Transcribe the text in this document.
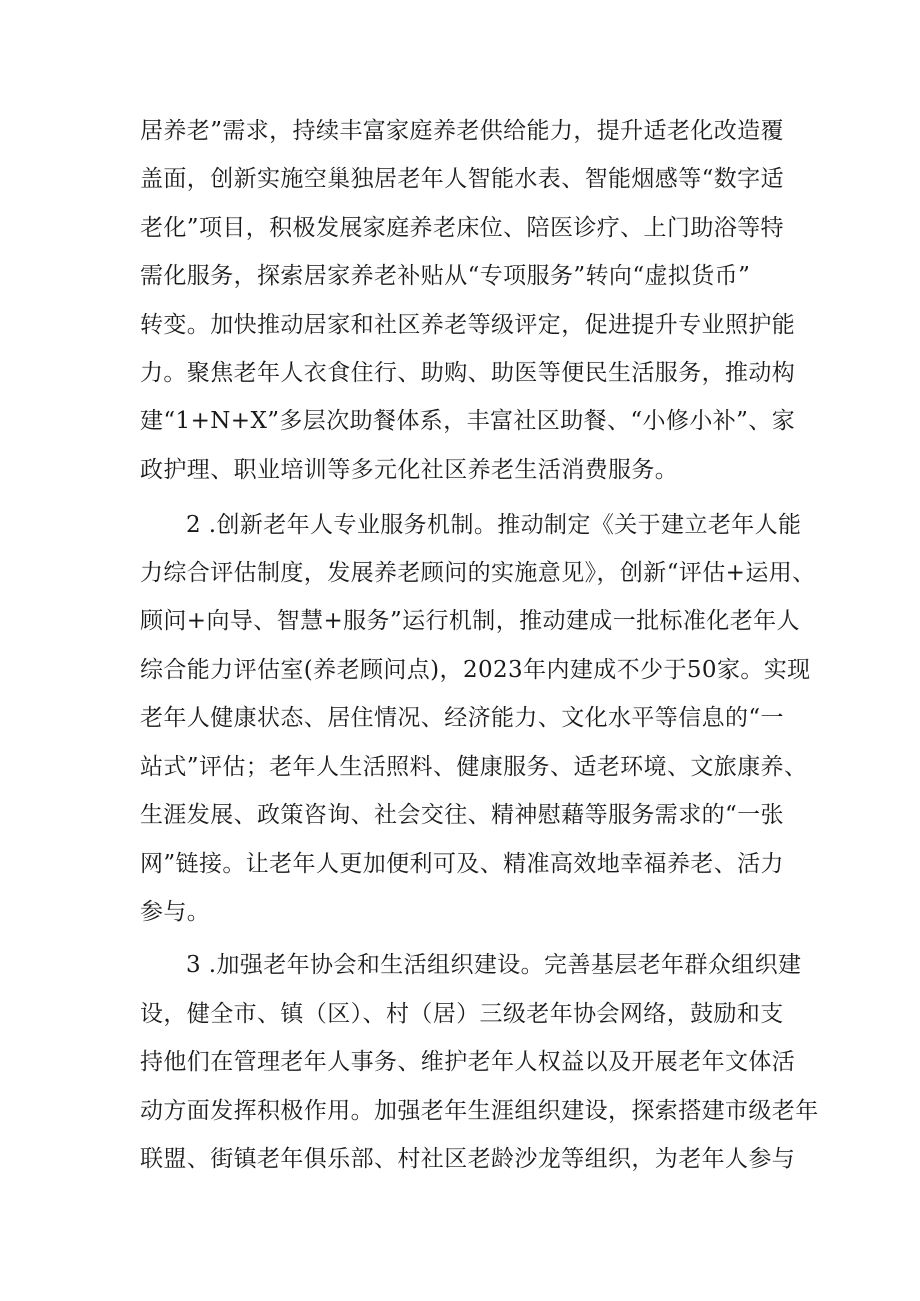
居养老”需求，持续丰富家庭养老供给能力，提升适老化改造覆
盖面，创新实施空巢独居老年人智能水表、智能烟感等“数字适
老化”项目，积极发展家庭养老床位、陪医诊疗、上门助浴等特
需化服务，探索居家养老补贴从“专项服务”转向“虚拟货币”
转变。加快推动居家和社区养老等级评定，促进提升专业照护能
力。聚焦老年人衣食住行、助购、助医等便民生活服务，推动构
建“1+N+X”多层次助餐体系，丰富社区助餐、“小修小补”、家
政护理、职业培训等多元化社区养老生活消费服务。
2 .创新老年人专业服务机制。推动制定《关于建立老年人能
力综合评估制度，发展养老顾问的实施意见》，创新“评估+运用、
顾问+向导、智慧+服务”运行机制，推动建成一批标准化老年人
综合能力评估室(养老顾问点)，2023年内建成不少于50家。实现
老年人健康状态、居住情况、经济能力、文化水平等信息的“一
站式”评估；老年人生活照料、健康服务、适老环境、文旅康养、
生涯发展、政策咨询、社会交往、精神慰藉等服务需求的“一张
网”链接。让老年人更加便利可及、精准高效地幸福养老、活力
参与。
3 .加强老年协会和生活组织建设。完善基层老年群众组织建
设，健全市、镇（区）、村（居）三级老年协会网络，鼓励和支
持他们在管理老年人事务、维护老年人权益以及开展老年文体活
动方面发挥积极作用。加强老年生涯组织建设，探索搭建市级老年
联盟、街镇老年俱乐部、村社区老龄沙龙等组织，为老年人参与
